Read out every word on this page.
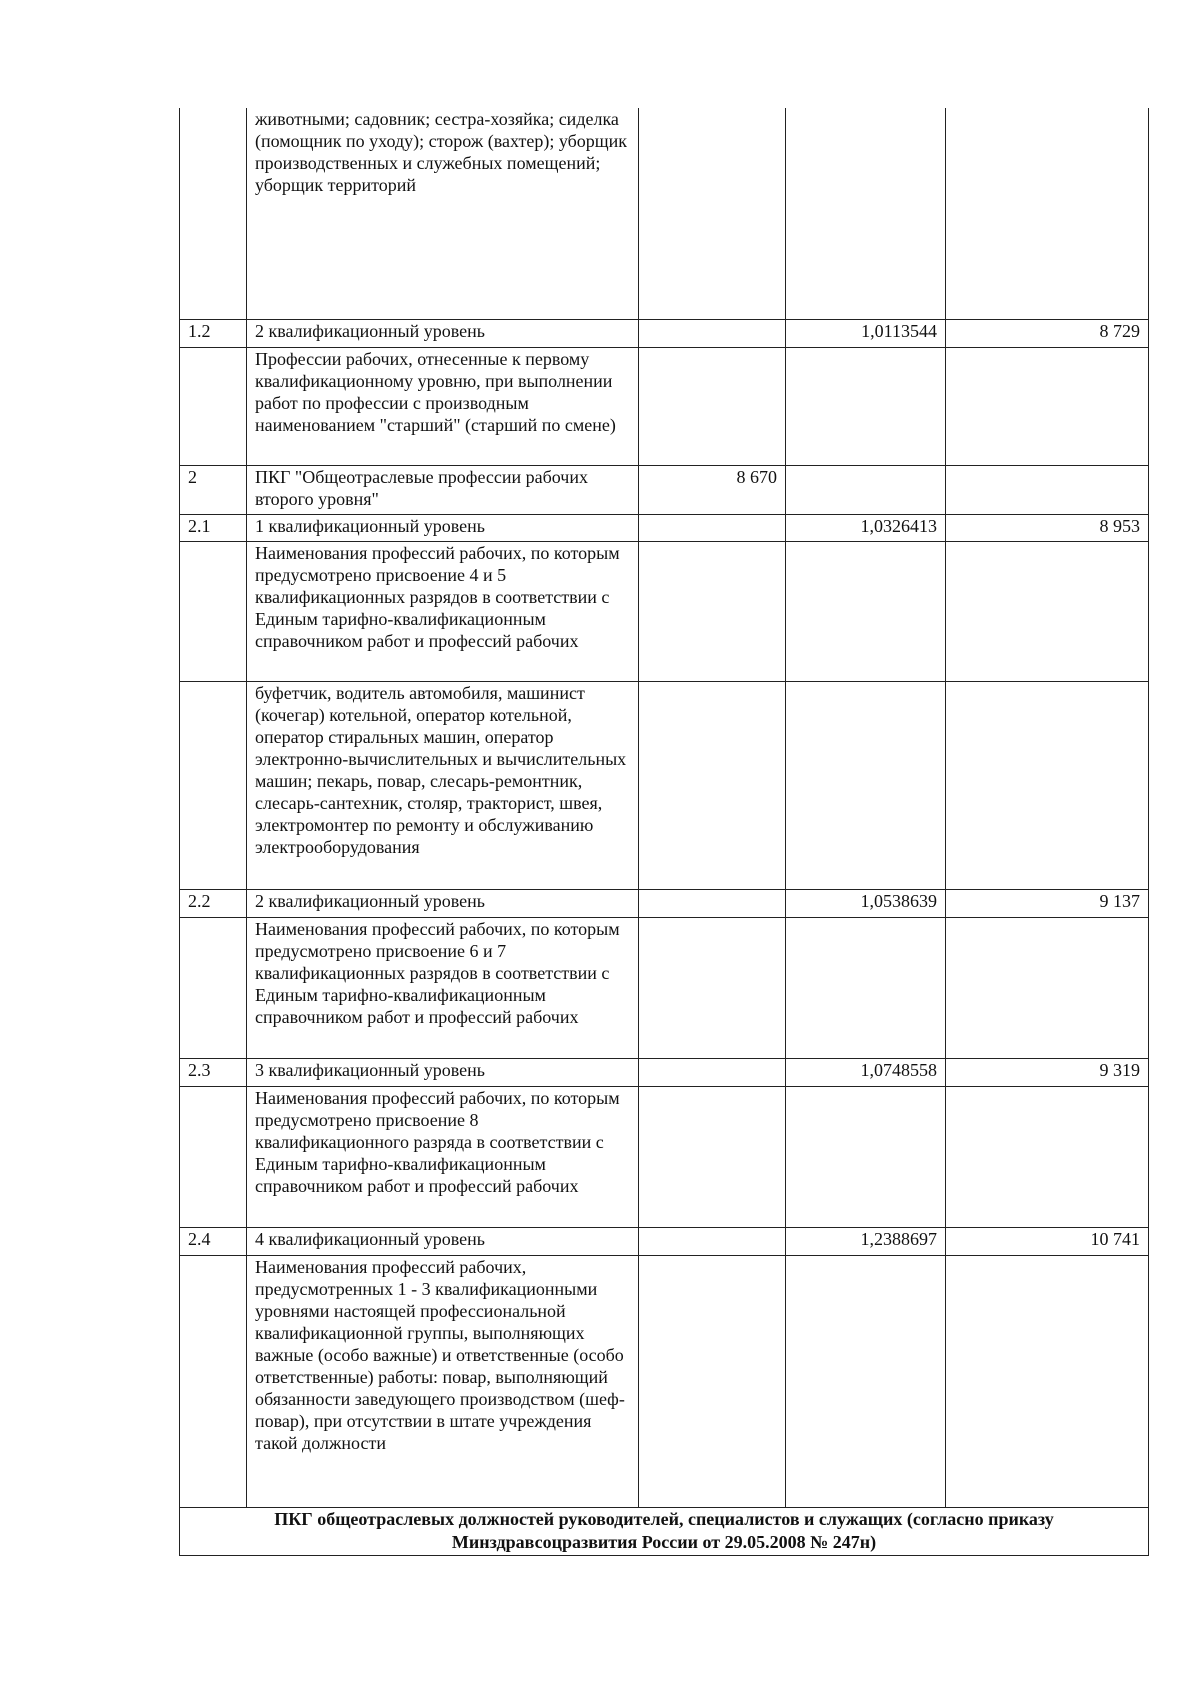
	животными; садовник; сестра-хозяйка; сиделка (помощник по уходу); сторож (вахтер); уборщик производственных и служебных помещений; уборщик территорий			
1.2	2 квалификационный уровень		1,0113544	8 729
	Профессии рабочих, отнесенные к первому квалификационному уровню, при выполнении работ по профессии с производным наименованием "старший" (старший по смене)			
2	ПКГ "Общеотраслевые профессии рабочих второго уровня"	8 670		
2.1	1 квалификационный уровень		1,0326413	8 953
	Наименования профессий рабочих, по которым предусмотрено присвоение 4 и 5 квалификационных разрядов в соответствии с Единым тарифно-квалификационным справочником работ и профессий рабочих			
	буфетчик, водитель автомобиля, машинист (кочегар) котельной, оператор котельной, оператор стиральных машин, оператор электронно-вычислительных и вычислительных машин; пекарь, повар, слесарь-ремонтник, слесарь-сантехник, столяр, тракторист, швея, электромонтер по ремонту и обслуживанию электрооборудования			
2.2	2 квалификационный уровень		1,0538639	9 137
	Наименования профессий рабочих, по которым предусмотрено присвоение 6 и 7 квалификационных разрядов в соответствии с Единым тарифно-квалификационным справочником работ и профессий рабочих			
2.3	3 квалификационный уровень		1,0748558	9 319
	Наименования профессий рабочих, по которым предусмотрено присвоение 8 квалификационного разряда в соответствии с Единым тарифно-квалификационным справочником работ и профессий рабочих			
2.4	4 квалификационный уровень		1,2388697	10 741
	Наименования профессий рабочих, предусмотренных 1 - 3 квалификационными уровнями настоящей профессиональной квалификационной группы, выполняющих важные (особо важные) и ответственные (особо ответственные) работы: повар, выполняющий обязанности заведующего производством (шеф-повар), при отсутствии в штате учреждения такой должности			

ПКГ общеотраслевых должностей руководителей, специалистов и служащих (согласно приказу
Минздравсоцразвития России от 29.05.2008 № 247н)				
